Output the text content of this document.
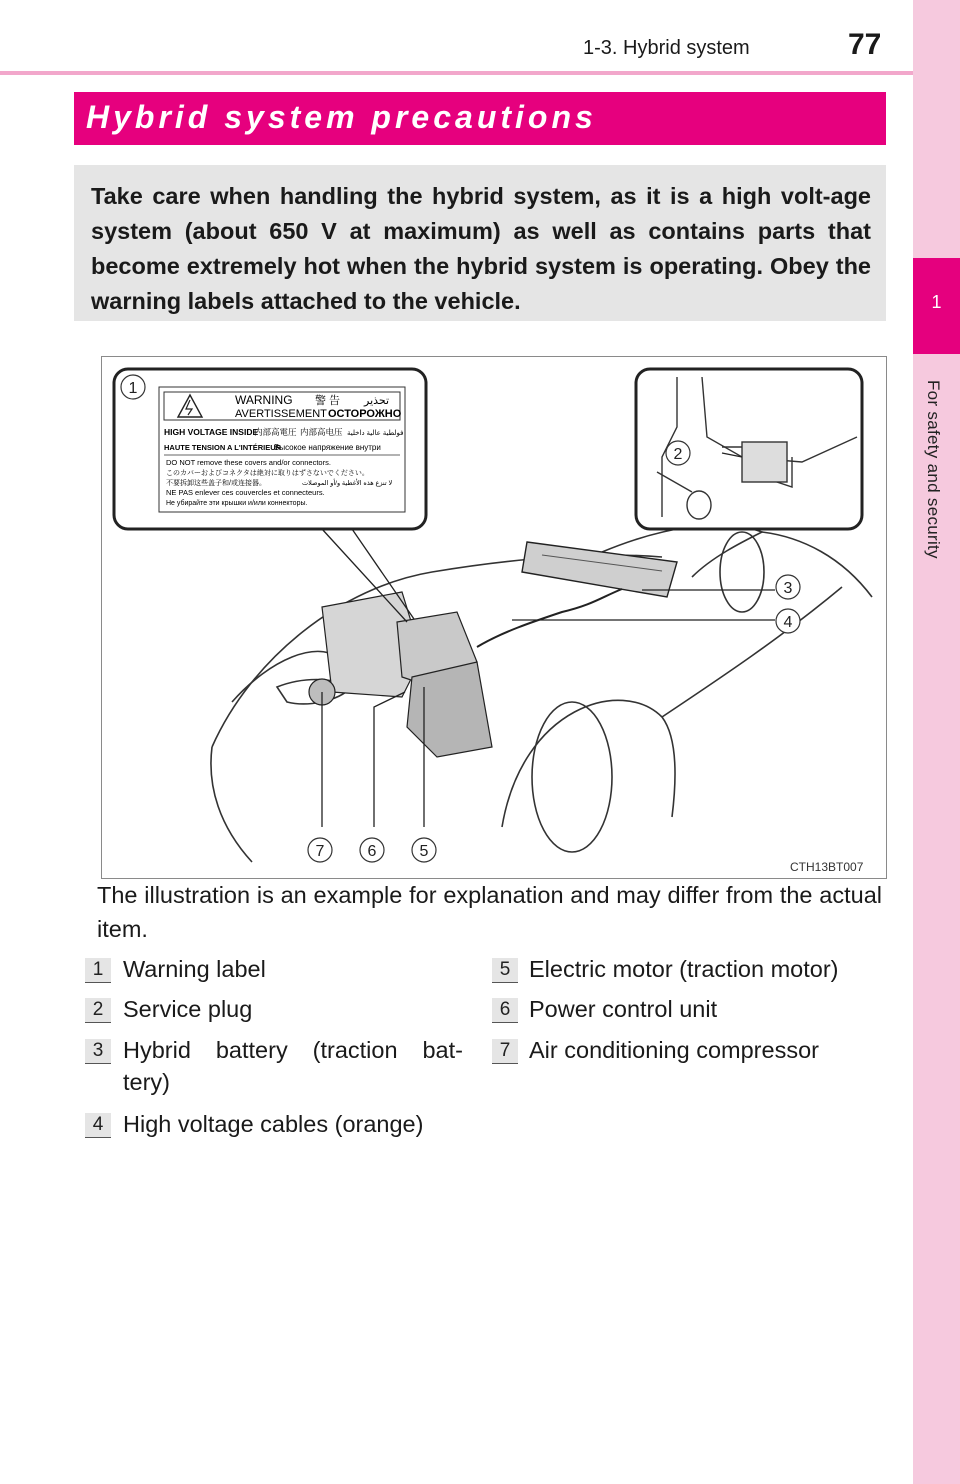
1-3. Hybrid system	77
1
For safety and security
Hybrid system precautions

Take care when handling the hybrid system, as it is a high volt-age system (about 650 V at maximum) as well as contains parts that become extremely hot when the hybrid system is operating. Obey the warning labels attached to the vehicle.

WARNING 警 告 تحذير
AVERTISSEMENT ОСТОРОЖНО
HIGH VOLTAGE INSIDE
内部高電圧 内部高电压 فولطية عالية داخلية
HAUTE TENSION A L'INTÉRIEUR
Высокое напряжение внутри
DO NOT remove these covers and/or connectors.
このカバーおよびコネクタは絶対に取りはずさないでください。
不要拆卸这些盖子和/或连接器。	لا تنزع هذه الأغطية و/أو الموصلات
NE PAS enlever ces couvercles et connecteurs.
Не убирайте эти крышки и/или коннекторы.
1
2
3
4
5
6
7
CTH13BT007
The illustration is an example for explanation and may differ from the actual item.
1 Warning label
2 Service plug
3 Hybrid battery (traction bat-
tery)
4 High voltage cables (orange)
5 Electric motor (traction motor)
6 Power control unit
7 Air conditioning compressor
